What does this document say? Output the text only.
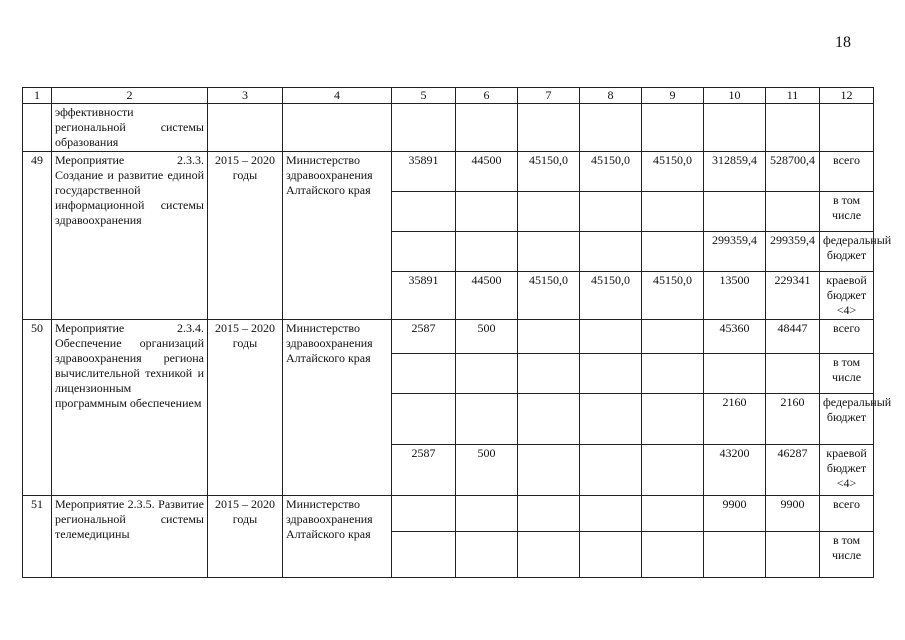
18
1	2	3	4	5	6	7	8	9	10	11	12
	эффективности региональной системы образования										
49	Мероприятие 2.3.3. Создание и развитие единой государственной информационной системы здравоохранения	2015 – 2020 годы	Министерство здравоохранения Алтайского края	35891	44500	45150,0	45150,0	45150,0	312859,4	528700,4	всего
											в том числе
									299359,4	299359,4	федеральный бюджет
				35891	44500	45150,0	45150,0	45150,0	13500	229341	краевой бюджет <4>
50	Мероприятие 2.3.4. Обеспечение организаций здравоохранения региона вычислительной техникой и лицензионным программным обеспечением	2015 – 2020 годы	Министерство здравоохранения Алтайского края	2587	500				45360	48447	всего
											в том числе
									2160	2160	федеральный бюджет
				2587	500				43200	46287	краевой бюджет <4>
51	Мероприятие 2.3.5. Развитие региональной системы телемедицины	2015 – 2020 годы	Министерство здравоохранения Алтайского края						9900	9900	всего
											в том числе
